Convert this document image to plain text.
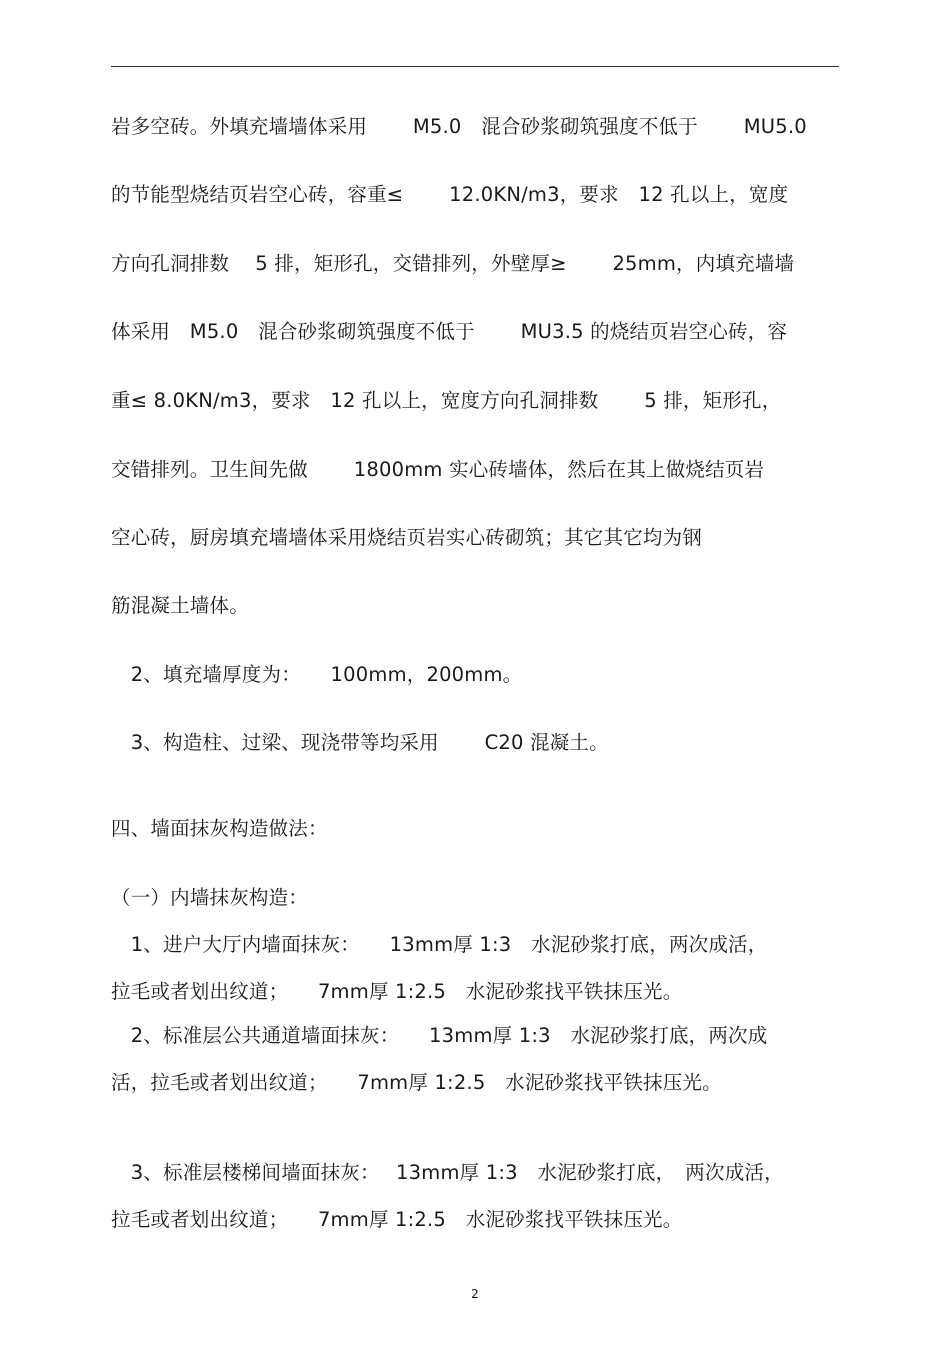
岩多空砖。外填充墙墙体采用　　 M5.0　混合砂浆砌筑强度不低于　　 MU5.0
的节能型烧结页岩空心砖，容重≤　　 12.0KN/m3，要求　12 孔以上，宽度
方向孔洞排数　 5 排，矩形孔，交错排列，外壁厚≥　　 25mm，内填充墙墙
体采用　M5.0　混合砂浆砌筑强度不低于　　 MU3.5 的烧结页岩空心砖，容
重≤ 8.0KN/m3，要求　12 孔以上，宽度方向孔洞排数　　 5 排，矩形孔，
交错排列。卫生间先做　　 1800mm 实心砖墙体，然后在其上做烧结页岩
空心砖，厨房填充墙墙体采用烧结页岩实心砖砌筑；其它其它均为钢
筋混凝土墙体。
　2、填充墙厚度为：　　100mm，200mm。
　3、构造柱、过梁、现浇带等均采用　　 C20 混凝土。
四、墙面抹灰构造做法：
（一）内墙抹灰构造：
　1、进户大厅内墙面抹灰：　　13mm厚 1:3　水泥砂浆打底，两次成活，
拉毛或者划出纹道；　　7mm厚 1:2.5　水泥砂浆找平铁抹压光。
　2、标准层公共通道墙面抹灰：　　13mm厚 1:3　水泥砂浆打底，两次成
活，拉毛或者划出纹道；　　7mm厚 1:2.5　水泥砂浆找平铁抹压光。
　3、标准层楼梯间墙面抹灰：　 13mm厚 1:3　水泥砂浆打底，　两次成活，
拉毛或者划出纹道；　　7mm厚 1:2.5　水泥砂浆找平铁抹压光。
2
